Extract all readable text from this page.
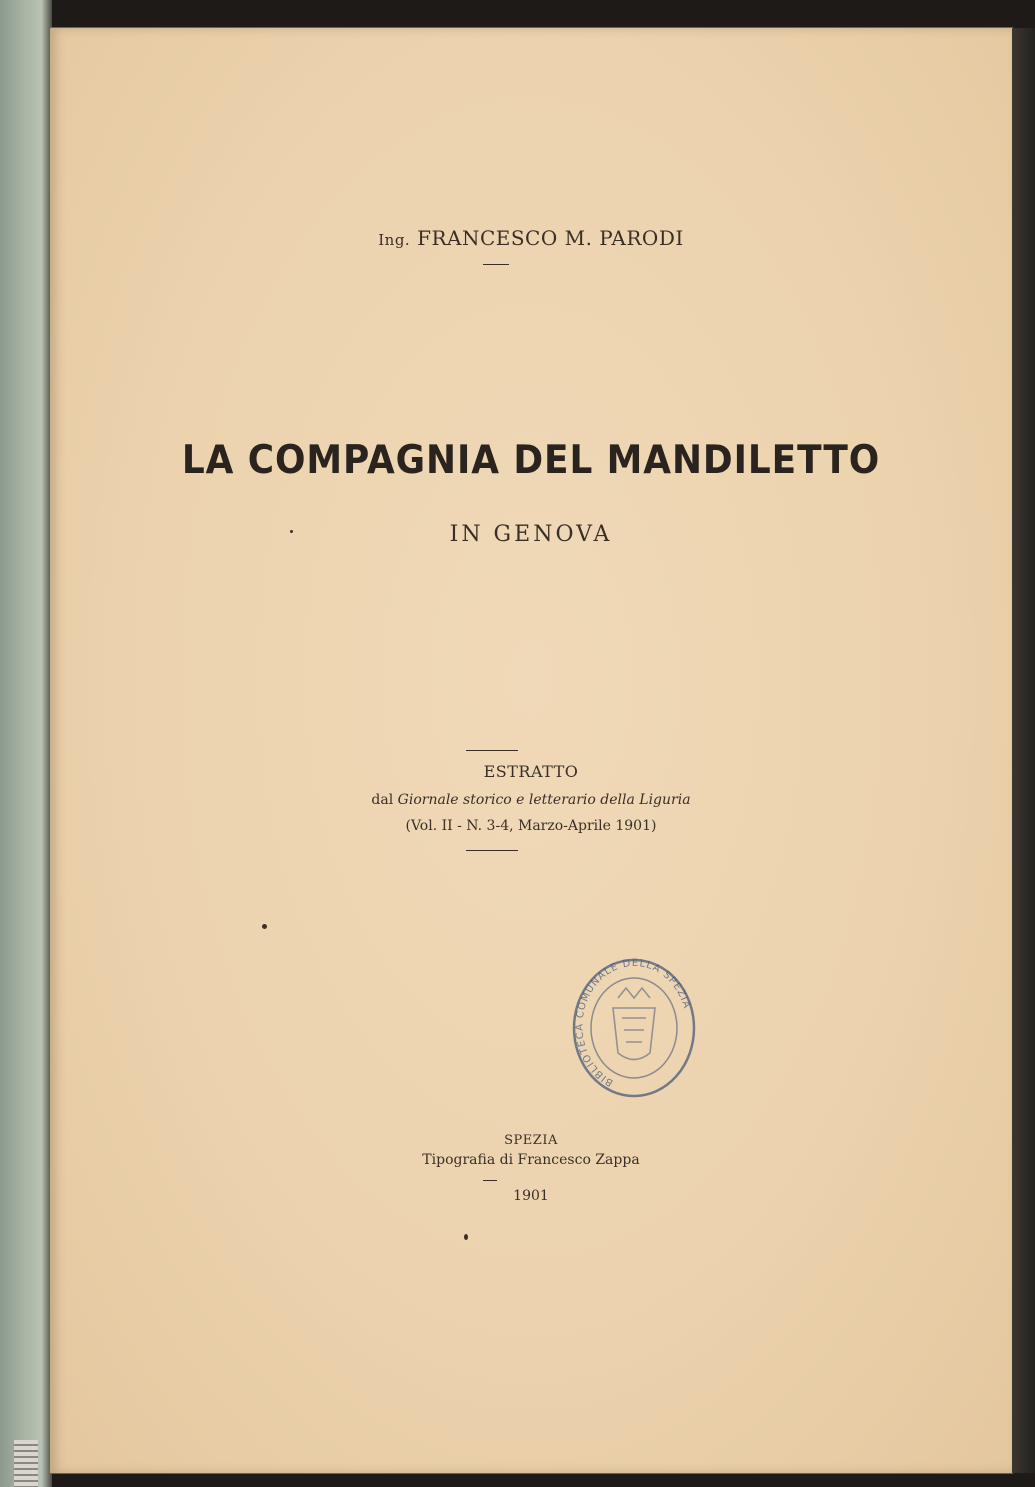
Ing. FRANCESCO M. PARODI
LA COMPAGNIA DEL MANDILETTO
IN GENOVA
ESTRATTO
dal Giornale storico e letterario della Liguria
(Vol. II - N. 3-4, Marzo-Aprile 1901)
BIBLIOTECA COMUNALE DELLA SPEZIA
SPEZIA
Tipografia di Francesco Zappa
1901
